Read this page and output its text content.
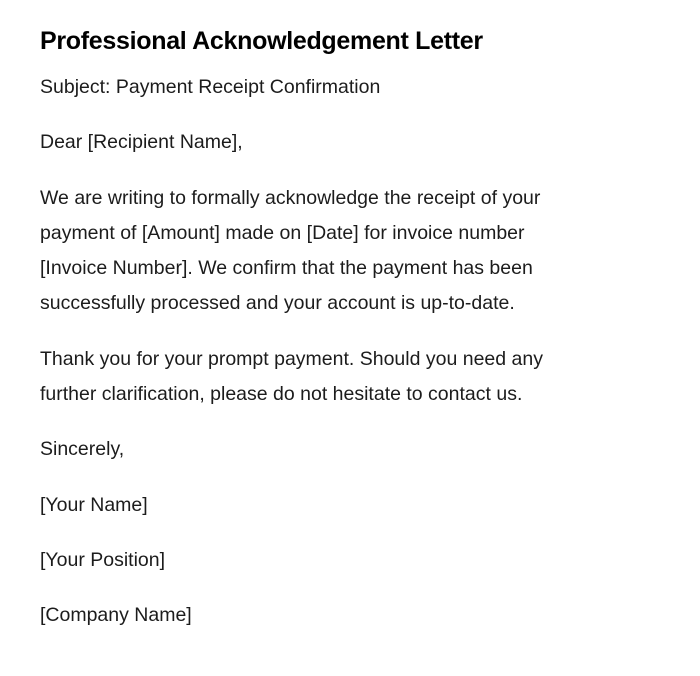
Professional Acknowledgement Letter

Subject: Payment Receipt Confirmation

Dear [Recipient Name],

We are writing to formally acknowledge the receipt of your
payment of [Amount] made on [Date] for invoice number
[Invoice Number]. We confirm that the payment has been
successfully processed and your account is up-to-date.

Thank you for your prompt payment. Should you need any
further clarification, please do not hesitate to contact us.

Sincerely,

[Your Name]

[Your Position]

[Company Name]
